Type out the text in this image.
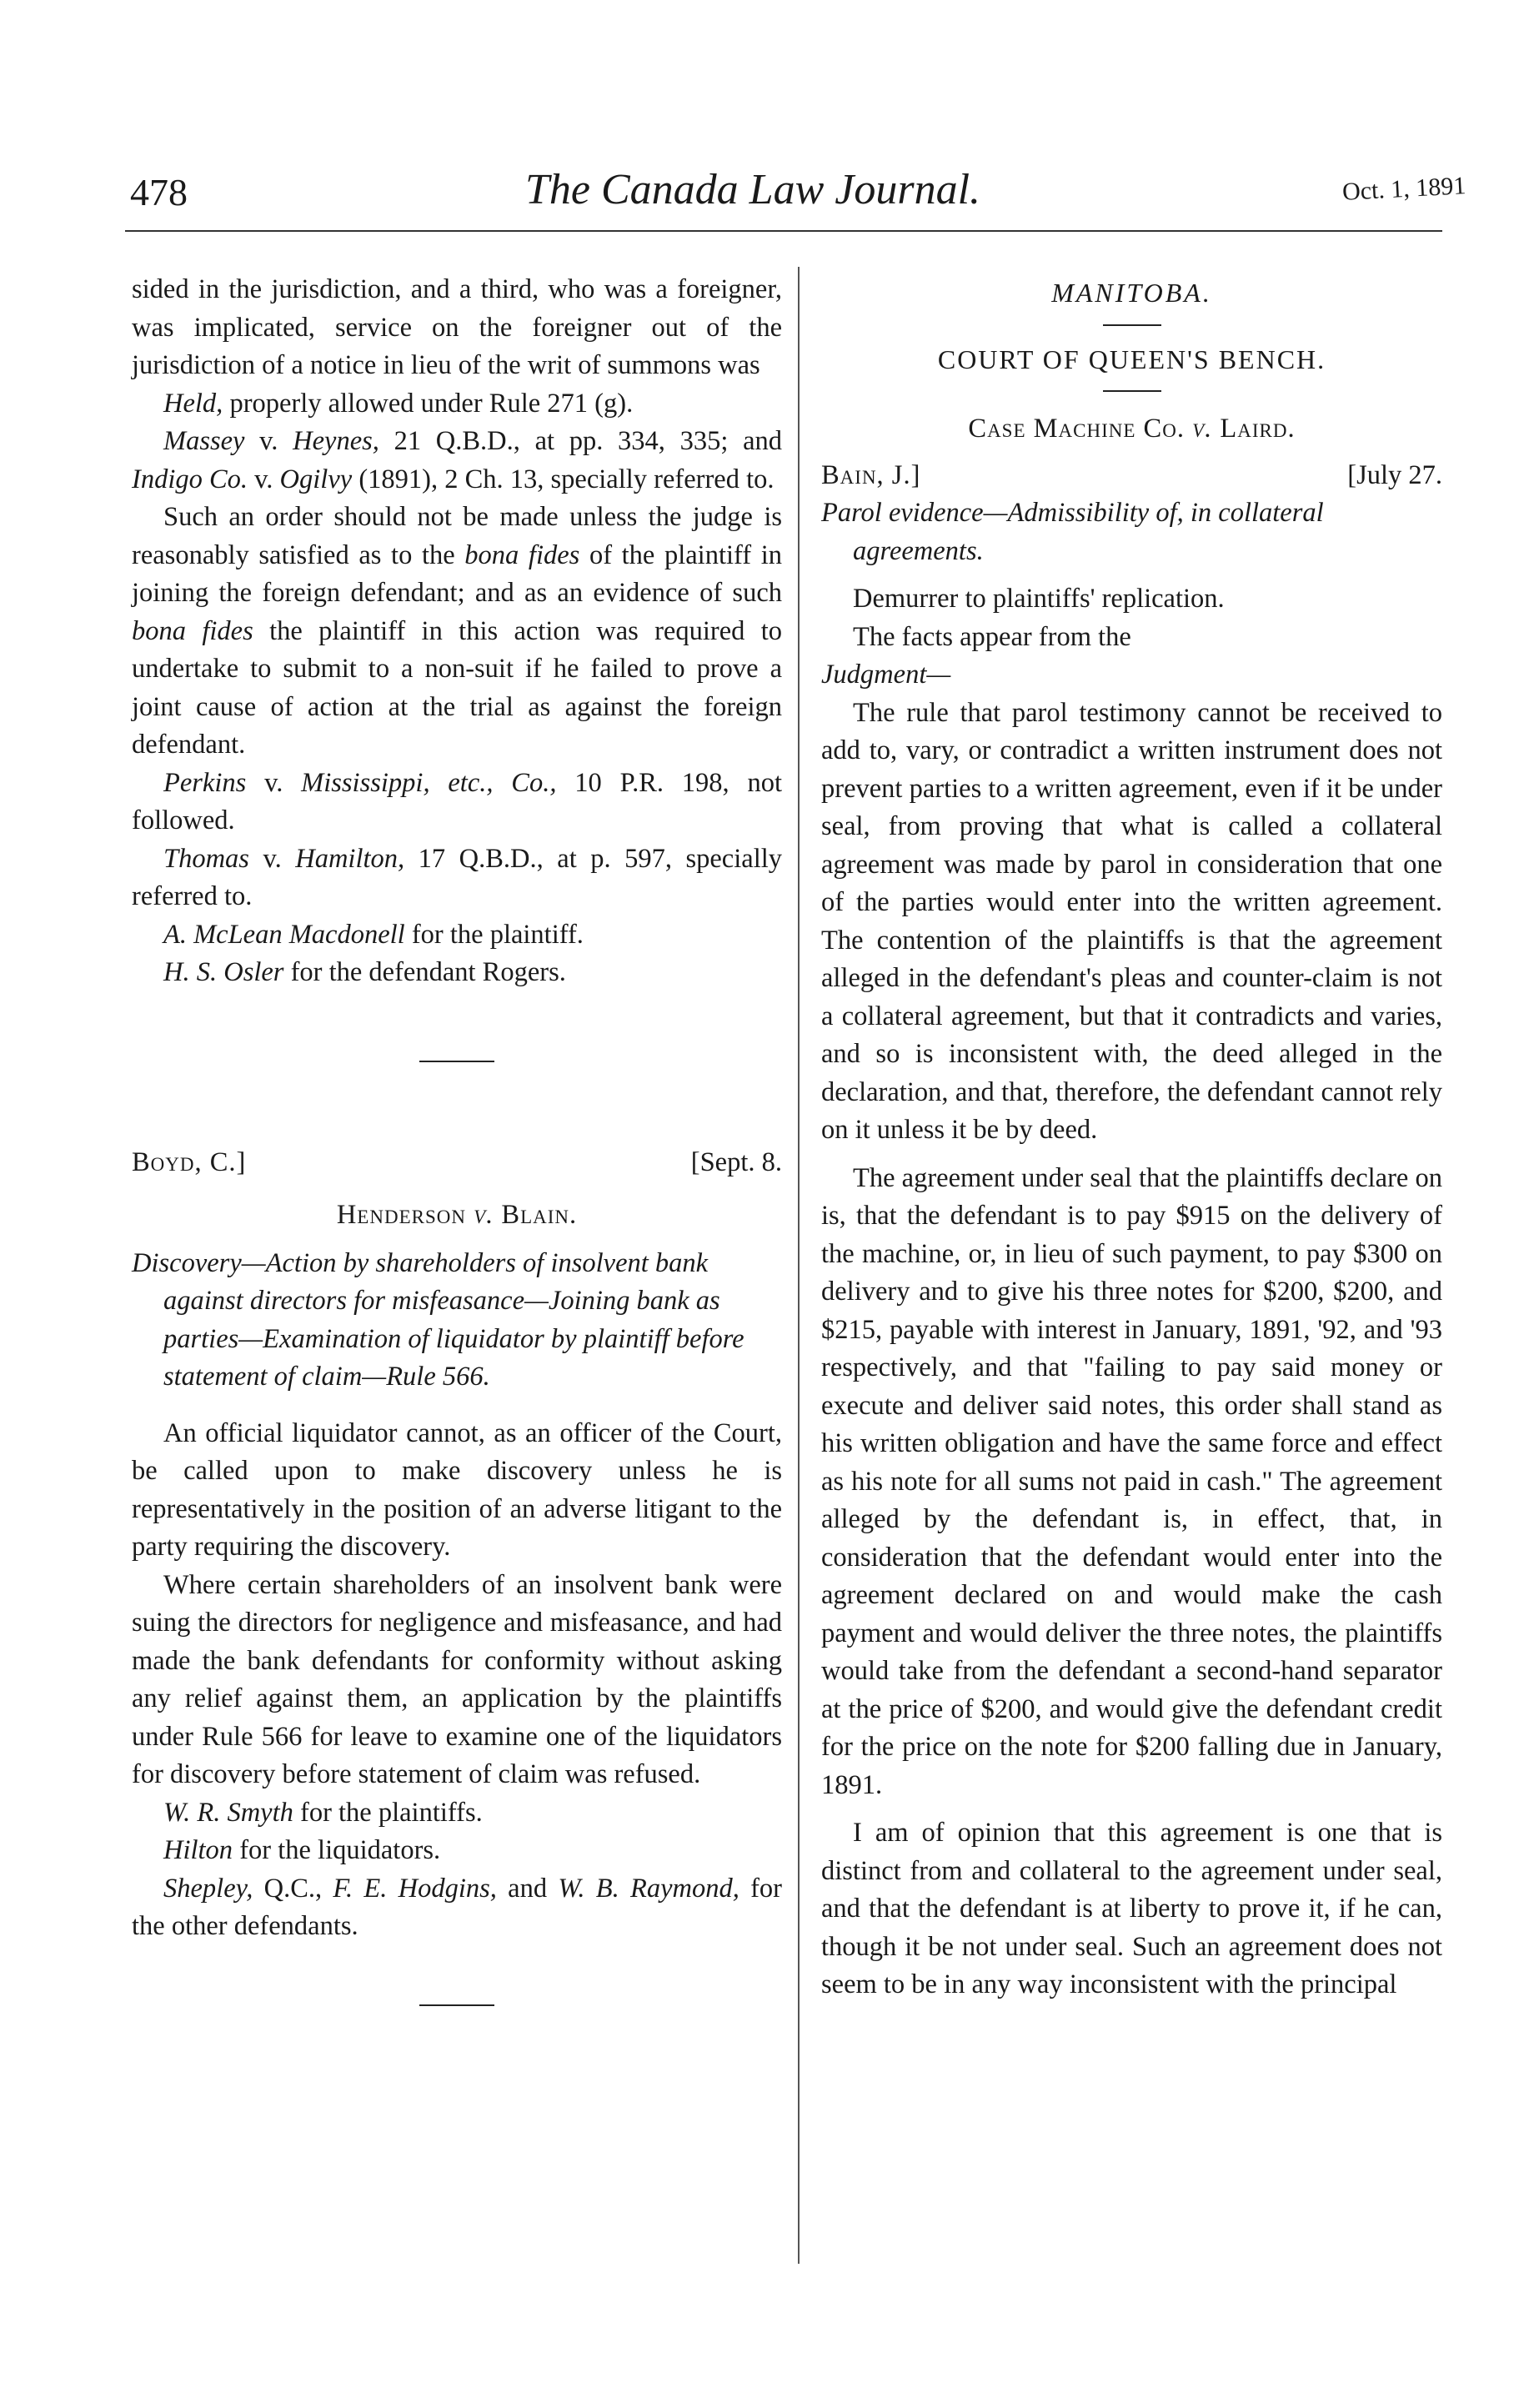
478	The Canada Law Journal.	Oct. 1, 1891

sided in the jurisdiction, and a third, who was a foreigner, was implicated, service on the foreigner out of the jurisdiction of a notice in lieu of the writ of summons was

Held, properly allowed under Rule 271 (g).

Massey v. Heynes, 21 Q.B.D., at pp. 334, 335; and Indigo Co. v. Ogilvy (1891), 2 Ch. 13, specially referred to.

Such an order should not be made unless the judge is reasonably satisfied as to the bona fides of the plaintiff in joining the foreign defendant; and as an evidence of such bona fides the plaintiff in this action was required to undertake to submit to a non-suit if he failed to prove a joint cause of action at the trial as against the foreign defendant.

Perkins v. Mississippi, etc., Co., 10 P.R. 198, not followed.

Thomas v. Hamilton, 17 Q.B.D., at p. 597, specially referred to.

A. McLean Macdonell for the plaintiff.

H. S. Osler for the defendant Rogers.

Boyd, C.]	[Sept. 8.

Henderson v. Blain.

Discovery—Action by shareholders of insolvent bank against directors for misfeasance—Joining bank as parties—Examination of liquidator by plaintiff before statement of claim—Rule 566.

An official liquidator cannot, as an officer of the Court, be called upon to make discovery unless he is representatively in the position of an adverse litigant to the party requiring the discovery.

Where certain shareholders of an insolvent bank were suing the directors for negligence and misfeasance, and had made the bank defendants for conformity without asking any relief against them, an application by the plaintiffs under Rule 566 for leave to examine one of the liquidators for discovery before statement of claim was refused.

W. R. Smyth for the plaintiffs.

Hilton for the liquidators.

Shepley, Q.C., F. E. Hodgins, and W. B. Raymond, for the other defendants.

MANITOBA.

COURT OF QUEEN'S BENCH.

Case Machine Co. v. Laird.

Bain, J.]	[July 27.

Parol evidence—Admissibility of, in collateral agreements.

Demurrer to plaintiffs' replication.

The facts appear from the

Judgment—

The rule that parol testimony cannot be received to add to, vary, or contradict a written instrument does not prevent parties to a written agreement, even if it be under seal, from proving that what is called a collateral agreement was made by parol in consideration that one of the parties would enter into the written agreement. The contention of the plaintiffs is that the agreement alleged in the defendant's pleas and counter-claim is not a collateral agreement, but that it contradicts and varies, and so is inconsistent with, the deed alleged in the declaration, and that, therefore, the defendant cannot rely on it unless it be by deed.

The agreement under seal that the plaintiffs declare on is, that the defendant is to pay $915 on the delivery of the machine, or, in lieu of such payment, to pay $300 on delivery and to give his three notes for $200, $200, and $215, payable with interest in January, 1891, '92, and '93 respectively, and that "failing to pay said money or execute and deliver said notes, this order shall stand as his written obligation and have the same force and effect as his note for all sums not paid in cash." The agreement alleged by the defendant is, in effect, that, in consideration that the defendant would enter into the agreement declared on and would make the cash payment and would deliver the three notes, the plaintiffs would take from the defendant a second-hand separator at the price of $200, and would give the defendant credit for the price on the note for $200 falling due in January, 1891.

I am of opinion that this agreement is one that is distinct from and collateral to the agreement under seal, and that the defendant is at liberty to prove it, if he can, though it be not under seal. Such an agreement does not seem to be in any way inconsistent with the principal
